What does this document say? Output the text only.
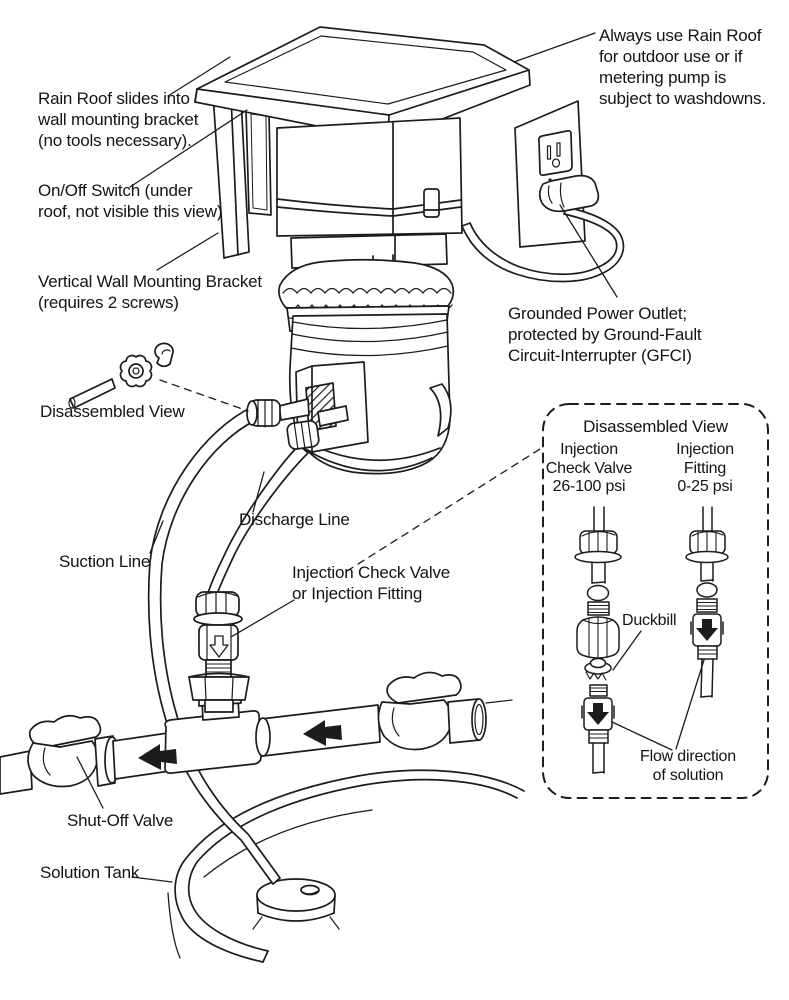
Rain Roof slides into
wall mounting bracket
(no tools necessary).
On/Off Switch (under
roof, not visible this view)
Vertical Wall Mounting Bracket
(requires 2 screws)
Always use Rain Roof
for outdoor use or if
metering pump is
subject to washdowns.
Grounded Power Outlet;
protected by Ground-Fault
Circuit-Interrupter (GFCI)
Disassembled View
Discharge Line
Suction Line
Injection Check Valve
or Injection Fitting
Shut-Off Valve
Solution Tank
Disassembled View
Injection
Check Valve
26-100 psi
Injection
Fitting
0-25 psi
Duckbill
Flow direction
of solution
